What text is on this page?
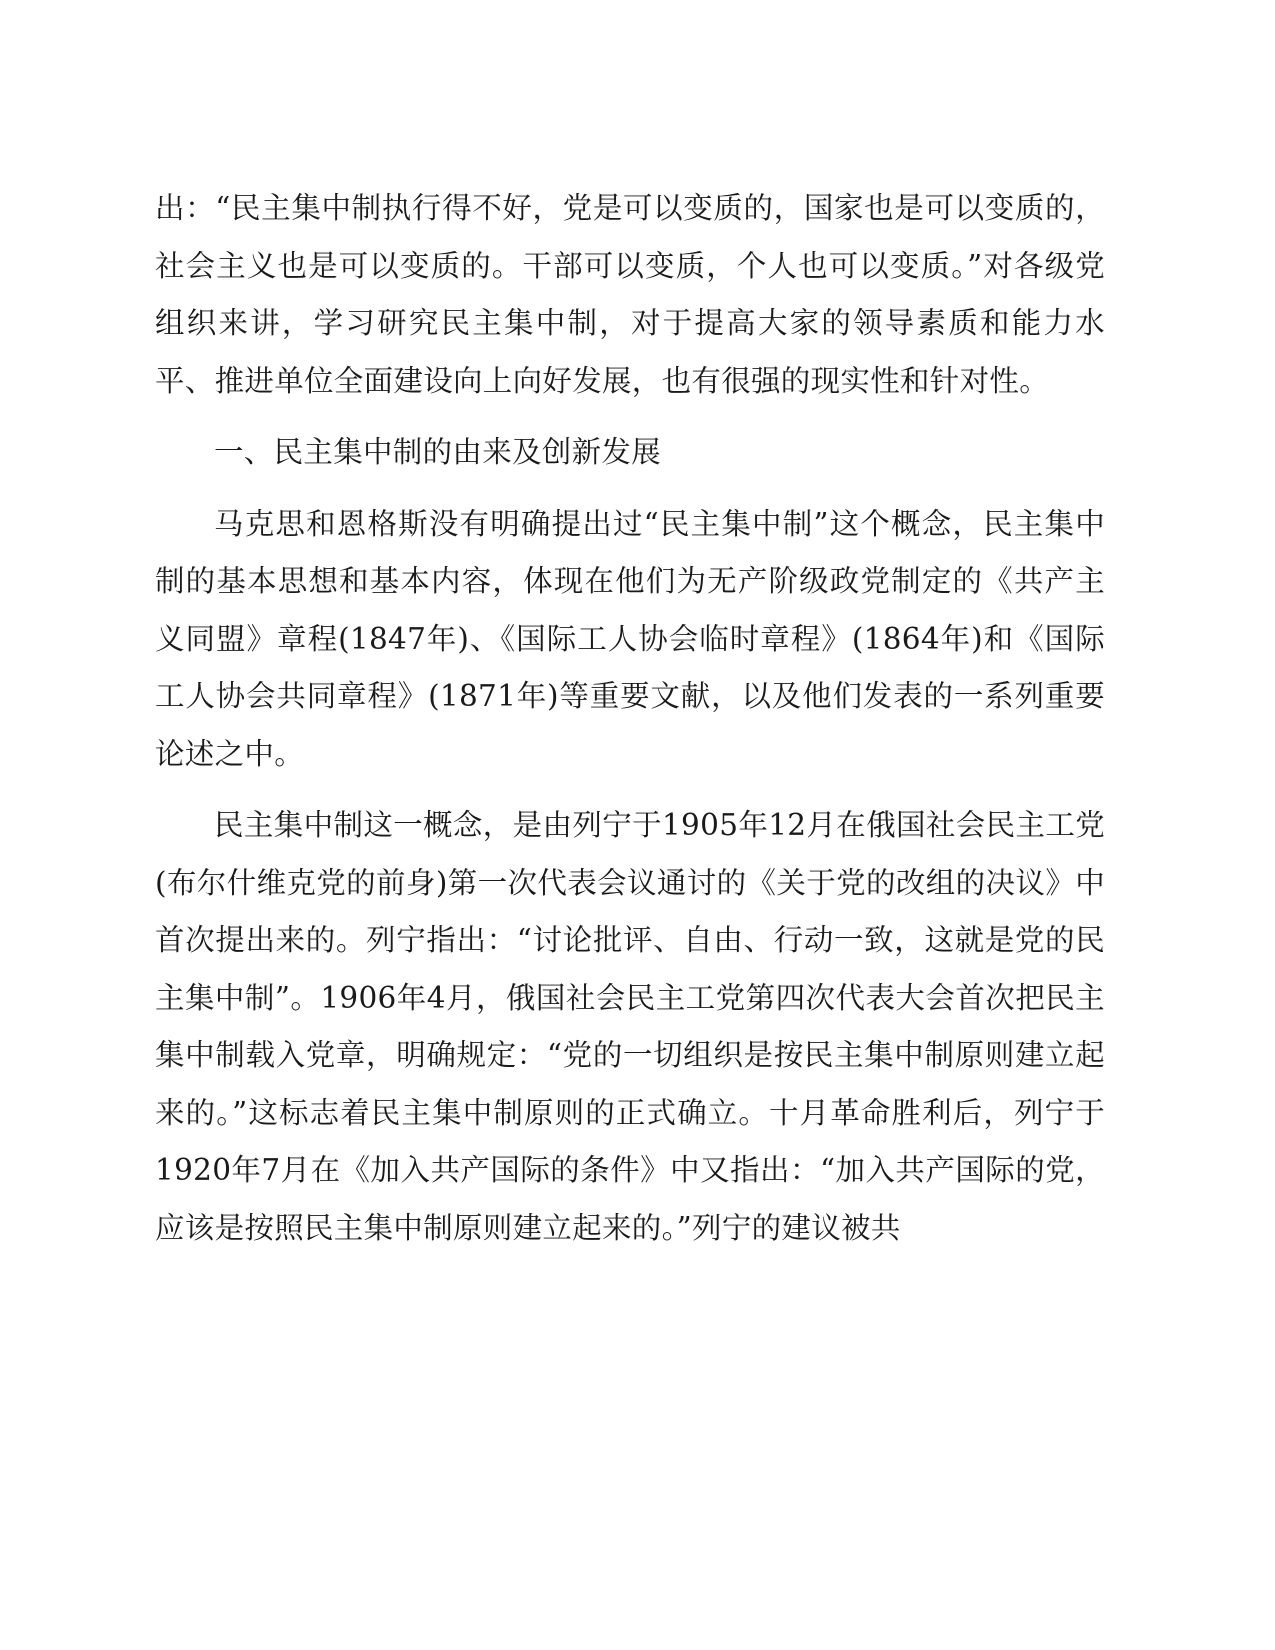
出：“民主集中制执行得不好，党是可以变质的，国家也是可以变质的，社会主义也是可以变质的。干部可以变质，个人也可以变质。”对各级党组织来讲，学习研究民主集中制，对于提高大家的领导素质和能力水平、推进单位全面建设向上向好发展，也有很强的现实性和针对性。

一、民主集中制的由来及创新发展

马克思和恩格斯没有明确提出过“民主集中制”这个概念，民主集中制的基本思想和基本内容，体现在他们为无产阶级政党制定的《共产主义同盟》章程(1847年)、《国际工人协会临时章程》(1864年)和《国际工人协会共同章程》(1871年)等重要文献，以及他们发表的一系列重要论述之中。

民主集中制这一概念，是由列宁于1905年12月在俄国社会民主工党(布尔什维克党的前身)第一次代表会议通讨的《关于党的改组的决议》中首次提出来的。列宁指出：“讨论批评、自由、行动一致，这就是党的民主集中制”。1906年4月，俄国社会民主工党第四次代表大会首次把民主集中制载入党章，明确规定：“党的一切组织是按民主集中制原则建立起来的。”这标志着民主集中制原则的正式确立。十月革命胜利后，列宁于1920年7月在《加入共产国际的条件》中又指出：“加入共产国际的党，应该是按照民主集中制原则建立起来的。”列宁的建议被共
